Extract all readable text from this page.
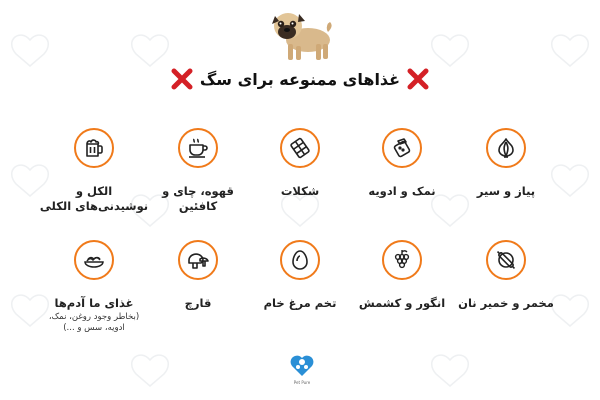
غذاهای ممنوعه برای سگ
پیاز و سیر
نمک و ادویه
شکلات
قهوه، چای و کافئین
الکل و نوشیدنی‌های الکلی
مخمر و خمیر نان
انگور و کشمش
تخم مرغ خام
قارچ
غذای ما آدم‌ها
(بخاطر وجود روغن، نمک، ادویه، سس و ...)
Pet Pure
